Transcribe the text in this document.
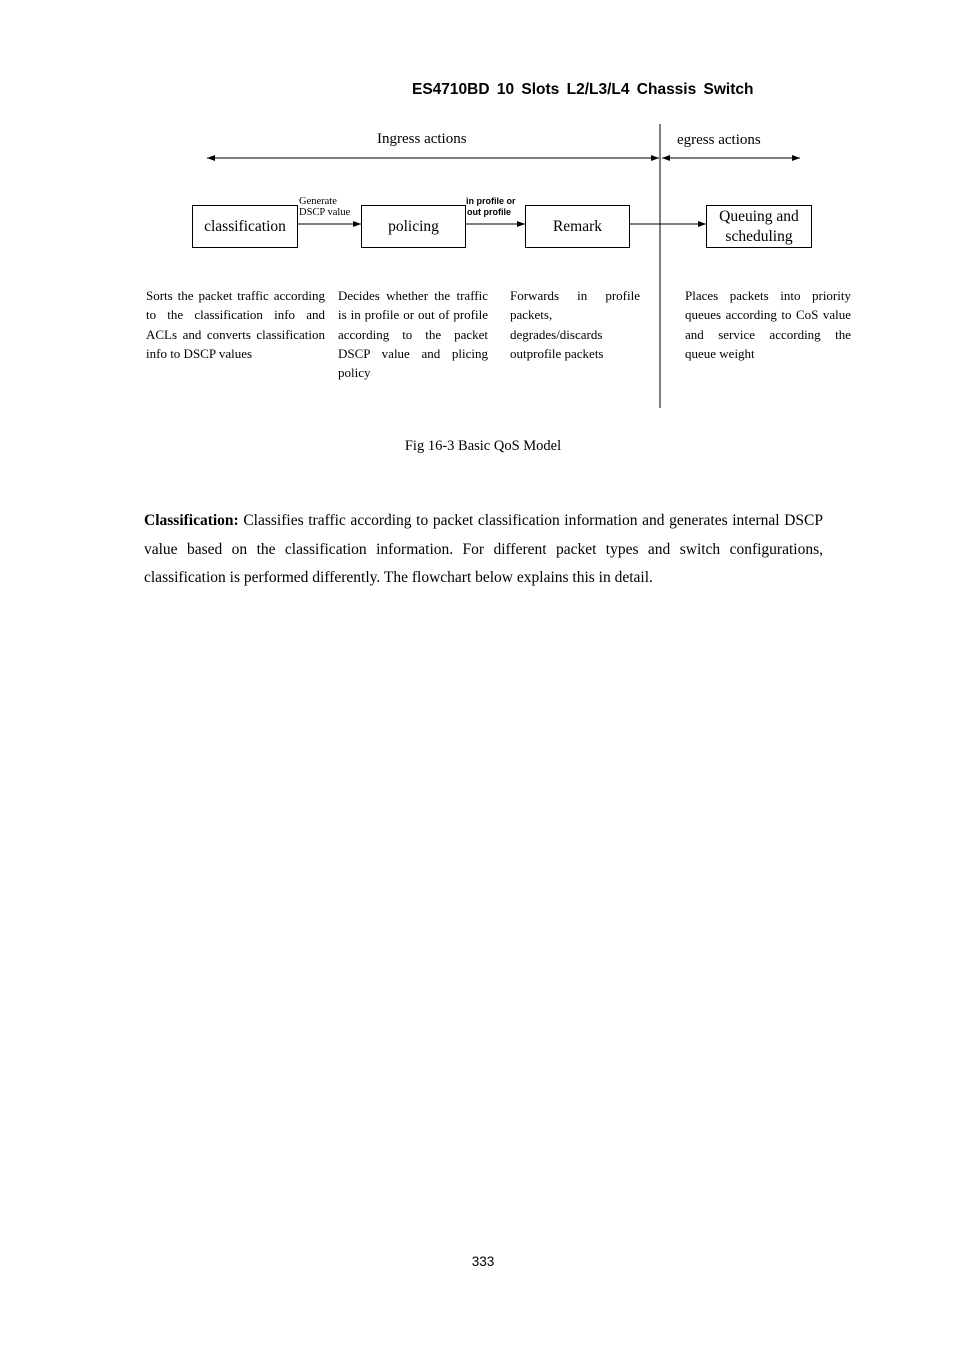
ES4710BD 10 Slots L2/L3/L4 Chassis Switch
Ingress actions	egress actions
classification	policing	Remark
Queuing and scheduling
Generate
DSCP value
in profile or
out profile
Sorts the packet traffic according to the classification info and ACLs and converts classification info to DSCP values
Decides whether the traffic is in profile or out of profile according to the packet DSCP value and plicing policy
Forwards in profile packets, degrades/discards outprofile packets
Places packets into priority queues according to CoS value and service according the queue weight
Fig 16-3 Basic QoS Model
Classification: Classifies traffic according to packet classification information and generates internal DSCP value based on the classification information. For different packet types and switch configurations, classification is performed differently. The flowchart below explains this in detail.
333
